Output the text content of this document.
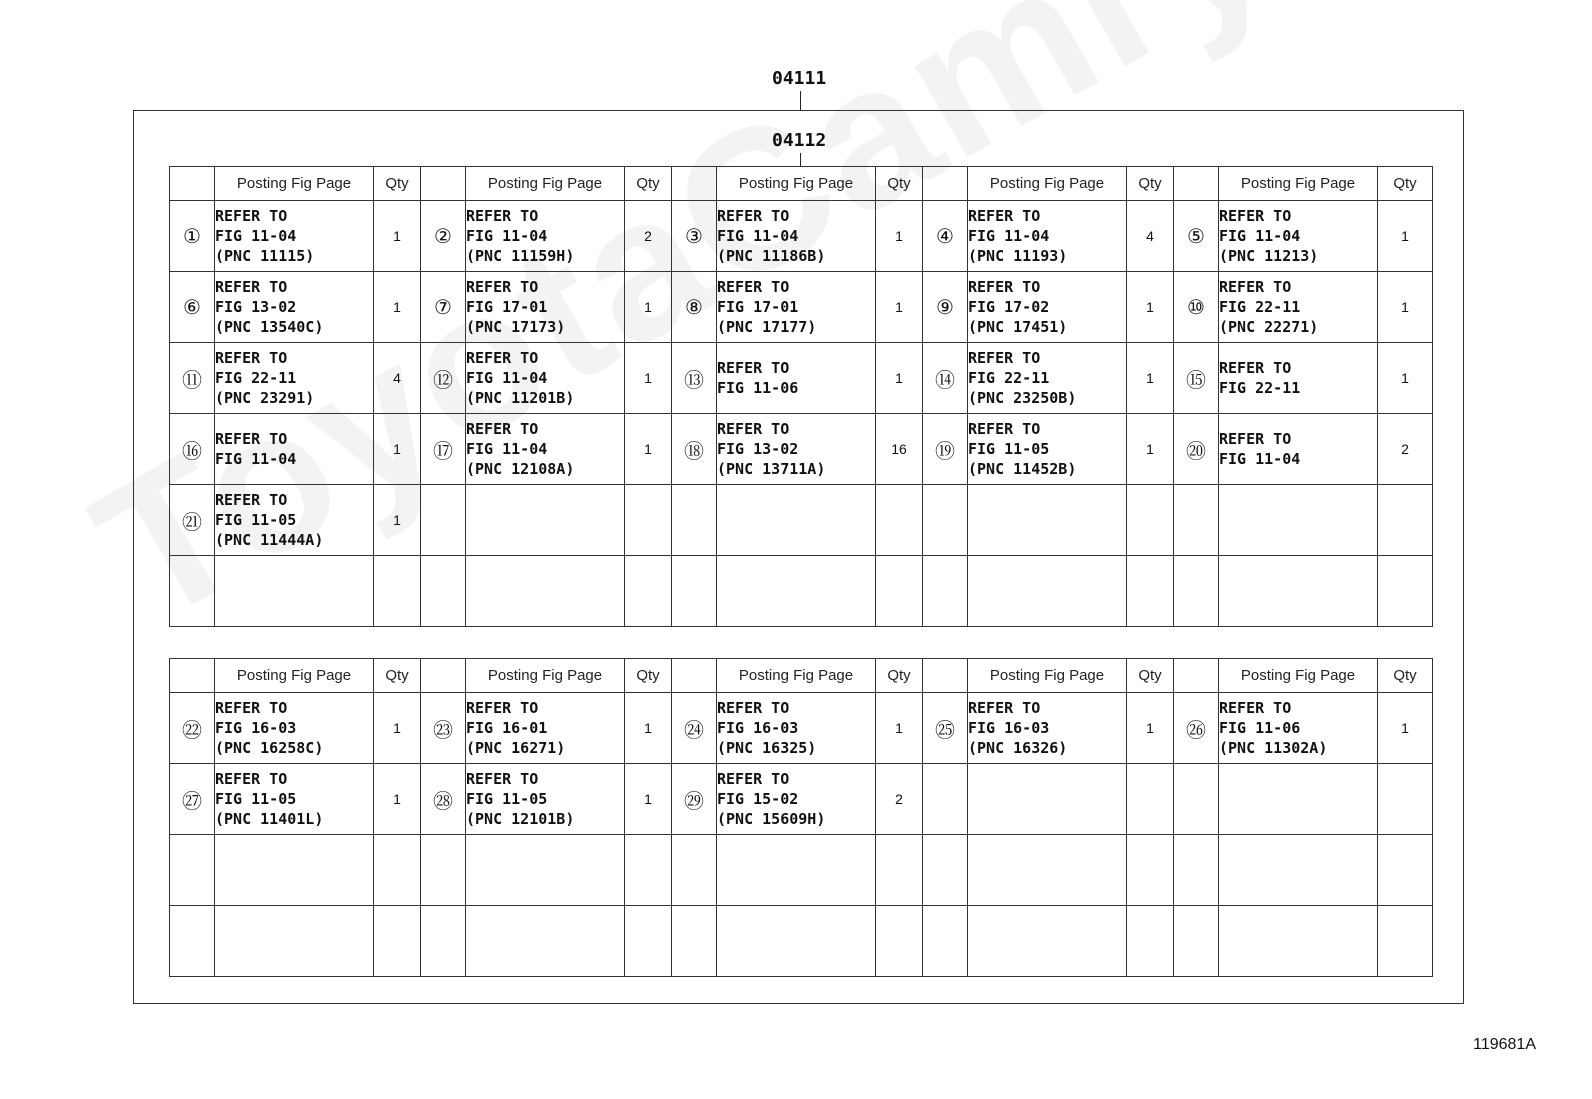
04111
04112
	Posting Fig Page	Qty		Posting Fig Page	Qty		Posting Fig Page	Qty		Posting Fig Page	Qty		Posting Fig Page	Qty
①	REFER TO
FIG 11-04
(PNC 11115)	1	②	REFER TO
FIG 11-04
(PNC 11159H)	2	③	REFER TO
FIG 11-04
(PNC 11186B)	1	④	REFER TO
FIG 11-04
(PNC 11193)	4	⑤	REFER TO
FIG 11-04
(PNC 11213)	1
⑥	REFER TO
FIG 13-02
(PNC 13540C)	1	⑦	REFER TO
FIG 17-01
(PNC 17173)	1	⑧	REFER TO
FIG 17-01
(PNC 17177)	1	⑨	REFER TO
FIG 17-02
(PNC 17451)	1	⑩	REFER TO
FIG 22-11
(PNC 22271)	1
⑪	REFER TO
FIG 22-11
(PNC 23291)	4	⑫	REFER TO
FIG 11-04
(PNC 11201B)	1	⑬	REFER TO
FIG 11-06	1	⑭	REFER TO
FIG 22-11
(PNC 23250B)	1	⑮	REFER TO
FIG 22-11	1
⑯	REFER TO
FIG 11-04	1	⑰	REFER TO
FIG 11-04
(PNC 12108A)	1	⑱	REFER TO
FIG 13-02
(PNC 13711A)	16	⑲	REFER TO
FIG 11-05
(PNC 11452B)	1	⑳	REFER TO
FIG 11-04	2
㉑	REFER TO
FIG 11-05
(PNC 11444A)	1												

	Posting Fig Page	Qty		Posting Fig Page	Qty		Posting Fig Page	Qty		Posting Fig Page	Qty		Posting Fig Page	Qty
㉒	REFER TO
FIG 16-03
(PNC 16258C)	1	㉓	REFER TO
FIG 16-01
(PNC 16271)	1	㉔	REFER TO
FIG 16-03
(PNC 16325)	1	㉕	REFER TO
FIG 16-03
(PNC 16326)	1	㉖	REFER TO
FIG 11-06
(PNC 11302A)	1
㉗	REFER TO
FIG 11-05
(PNC 11401L)	1	㉘	REFER TO
FIG 11-05
(PNC 12101B)	1	㉙	REFER TO
FIG 15-02
(PNC 15609H)	2						

119681A
